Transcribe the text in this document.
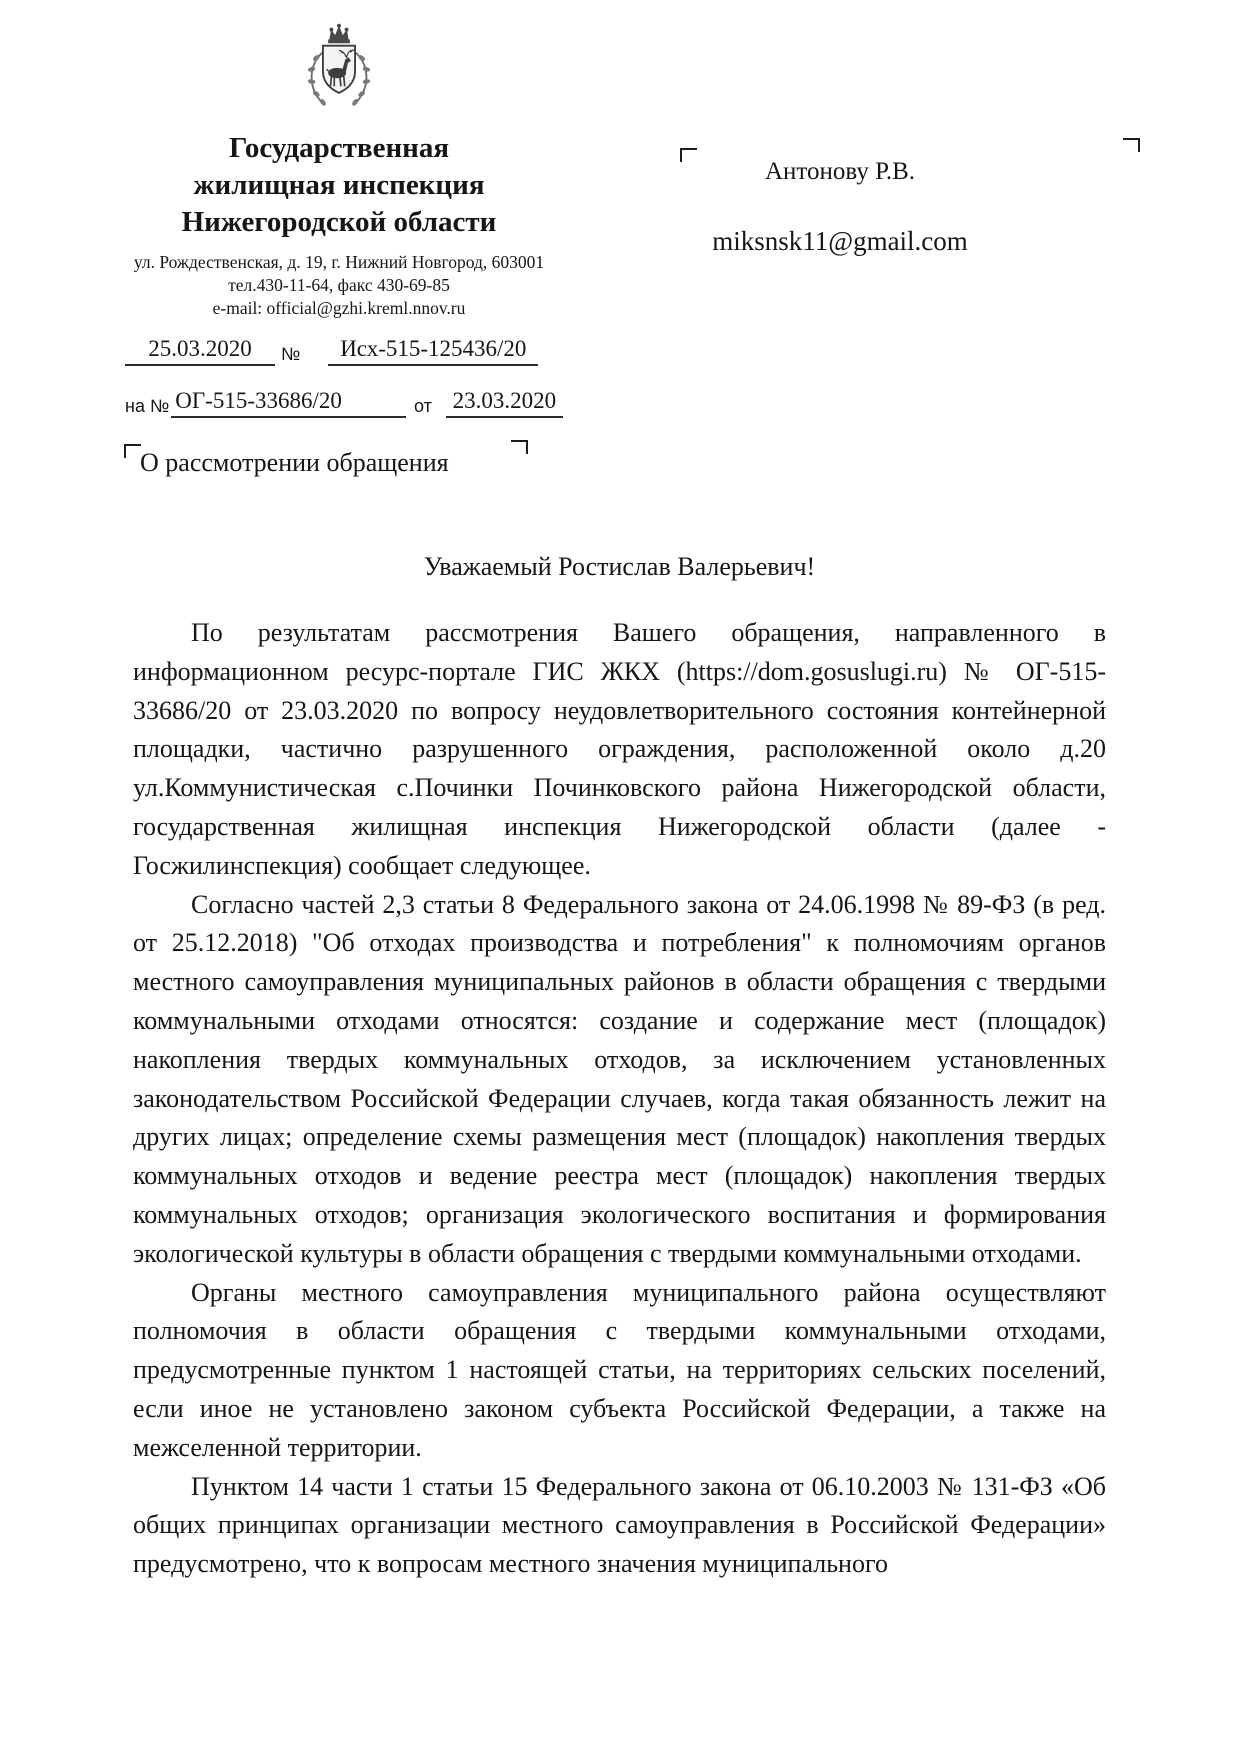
Государственная
жилищная инспекция
Нижегородской области
ул. Рождественская, д. 19, г. Нижний Новгород, 603001
тел.430-11-64, факс 430-69-85
e-mail: official@gzhi.kreml.nnov.ru
25.03.2020	№	Исх-515-125436/20
на № ОГ-515-33686/20	от 23.03.2020
О рассмотрении обращения
Антонову Р.В.
miksnsk11@gmail.com
Уважаемый Ростислав Валерьевич!

По результатам рассмотрения Вашего обращения, направленного в информационном ресурс-портале ГИС ЖКХ (https://dom.gosuslugi.ru) № ОГ-515-33686/20 от 23.03.2020 по вопросу неудовлетворительного состояния контейнерной площадки, частично разрушенного ограждения, расположенной около д.20 ул.Коммунистическая с.Починки Починковского района Нижегородской области, государственная жилищная инспекция Нижегородской области (далее - Госжилинспекция) сообщает следующее.

Согласно частей 2,3 статьи 8 Федерального закона от 24.06.1998 № 89-ФЗ (в ред. от 25.12.2018) "Об отходах производства и потребления" к полномочиям органов местного самоуправления муниципальных районов в области обращения с твердыми коммунальными отходами относятся: создание и содержание мест (площадок) накопления твердых коммунальных отходов, за исключением установленных законодательством Российской Федерации случаев, когда такая обязанность лежит на других лицах; определение схемы размещения мест (площадок) накопления твердых коммунальных отходов и ведение реестра мест (площадок) накопления твердых коммунальных отходов; организация экологического воспитания и формирования экологической культуры в области обращения с твердыми коммунальными отходами.

Органы местного самоуправления муниципального района осуществляют полномочия в области обращения с твердыми коммунальными отходами, предусмотренные пунктом 1 настоящей статьи, на территориях сельских поселений, если иное не установлено законом субъекта Российской Федерации, а также на межселенной территории.

Пунктом 14 части 1 статьи 15 Федерального закона от 06.10.2003 № 131-ФЗ «Об общих принципах организации местного самоуправления в Российской Федерации» предусмотрено, что к вопросам местного значения муниципального
